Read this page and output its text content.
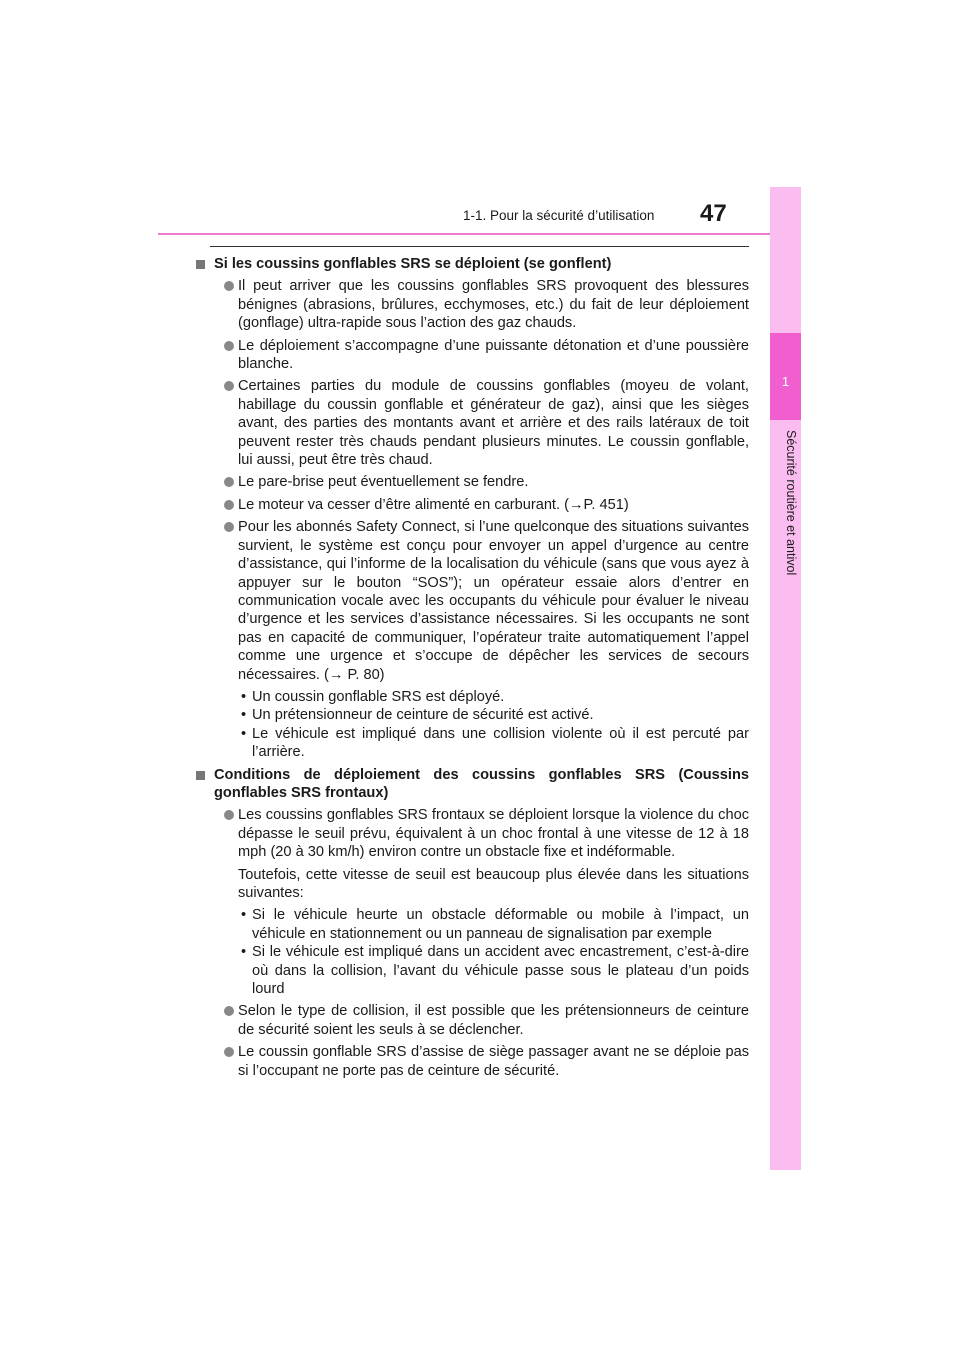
1-1. Pour la sécurité d’utilisation	47
1
Sécurité routière et antivol
Si les coussins gonflables SRS se déploient (se gonflent)
Il peut arriver que les coussins gonflables SRS provoquent des blessures bénignes (abrasions, brûlures, ecchymoses, etc.) du fait de leur déploiement (gonflage) ultra-rapide sous l’action des gaz chauds.
Le déploiement s’accompagne d’une puissante détonation et d’une poussière blanche.
Certaines parties du module de coussins gonflables (moyeu de volant, habillage du coussin gonflable et générateur de gaz), ainsi que les sièges avant, des parties des montants avant et arrière et des rails latéraux de toit peuvent rester très chauds pendant plusieurs minutes. Le coussin gonflable, lui aussi, peut être très chaud.
Le pare-brise peut éventuellement se fendre.
Le moteur va cesser d’être alimenté en carburant. (→P. 451)
Pour les abonnés Safety Connect, si l’une quelconque des situations suivantes survient, le système est conçu pour envoyer un appel d’urgence au centre d’assistance, qui l’informe de la localisation du véhicule (sans que vous ayez à appuyer sur le bouton “SOS”); un opérateur essaie alors d’entrer en communication vocale avec les occupants du véhicule pour évaluer le niveau d’urgence et les services d’assistance nécessaires. Si les occupants ne sont pas en capacité de communiquer, l’opérateur traite automatiquement l’appel comme une urgence et s’occupe de dépêcher les services de secours nécessaires. (→ P. 80)
• Un coussin gonflable SRS est déployé.
• Un prétensionneur de ceinture de sécurité est activé.
• Le véhicule est impliqué dans une collision violente où il est percuté par l’arrière.
Conditions de déploiement des coussins gonflables SRS (Coussins gonflables SRS frontaux)
Les coussins gonflables SRS frontaux se déploient lorsque la violence du choc dépasse le seuil prévu, équivalent à un choc frontal à une vitesse de 12 à 18 mph (20 à 30 km/h) environ contre un obstacle fixe et indéformable.
Toutefois, cette vitesse de seuil est beaucoup plus élevée dans les situations suivantes:
• Si le véhicule heurte un obstacle déformable ou mobile à l’impact, un véhicule en stationnement ou un panneau de signalisation par exemple
• Si le véhicule est impliqué dans un accident avec encastrement, c’est-à-dire où dans la collision, l’avant du véhicule passe sous le plateau d’un poids lourd
Selon le type de collision, il est possible que les prétensionneurs de ceinture de sécurité soient les seuls à se déclencher.
Le coussin gonflable SRS d’assise de siège passager avant ne se déploie pas si l’occupant ne porte pas de ceinture de sécurité.
